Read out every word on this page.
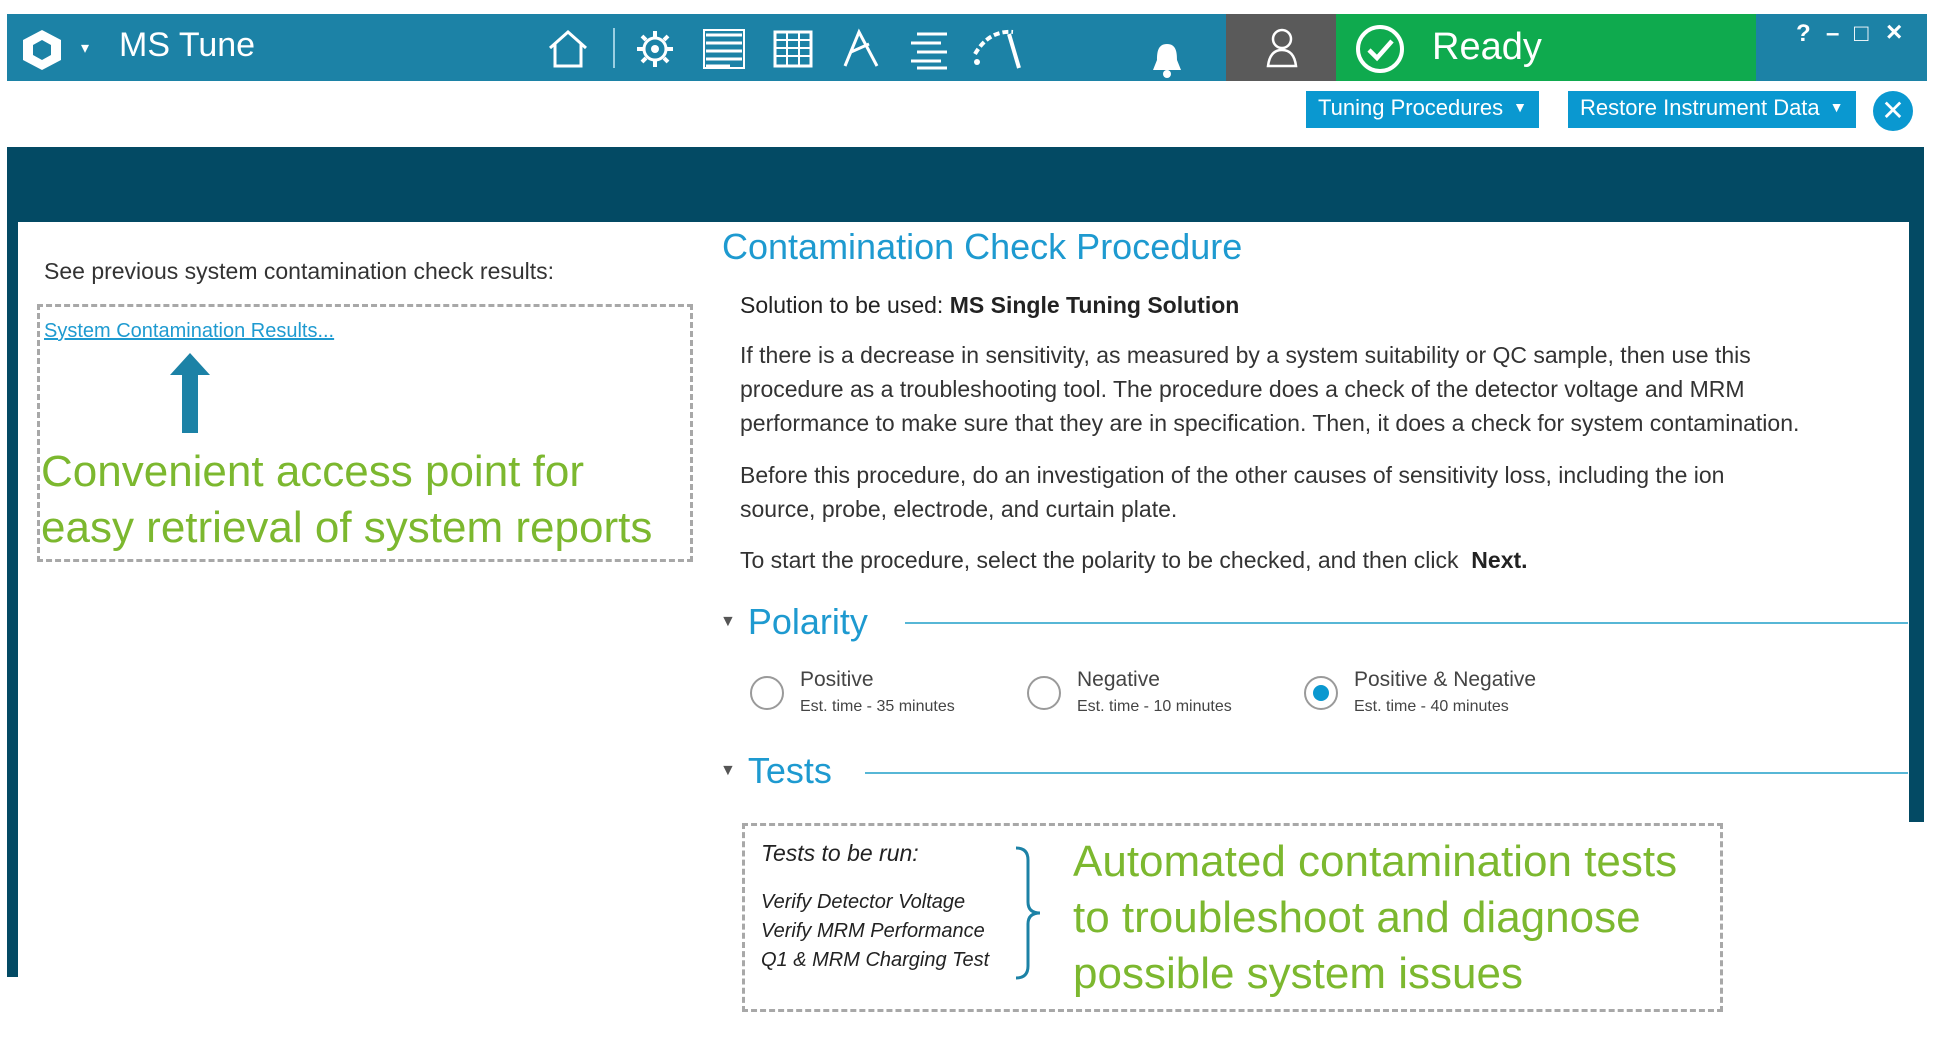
▾ MS Tune	Ready	? – □ ×
Tuning Procedures ▼	Restore Instrument Data ▼	✕
See previous system contamination check results:
System Contamination Results...
Convenient access point for
easy retrieval of system reports
Contamination Check Procedure
Solution to be used: MS Single Tuning Solution
If there is a decrease in sensitivity, as measured by a system suitability or QC sample, then use this
procedure as a troubleshooting tool. The procedure does a check of the detector voltage and MRM
performance to make sure that they are in specification. Then, it does a check for system contamination.
Before this procedure, do an investigation of the other causes of sensitivity loss, including the ion
source, probe, electrode, and curtain plate.
To start the procedure, select the polarity to be checked, and then click Next.
▼ Polarity
Positive
Est. time - 35 minutes
Negative
Est. time - 10 minutes
Positive & Negative
Est. time - 40 minutes
▼ Tests
Tests to be run:
Verify Detector Voltage
Verify MRM Performance
Q1 & MRM Charging Test
Automated contamination tests
to troubleshoot and diagnose
possible system issues
